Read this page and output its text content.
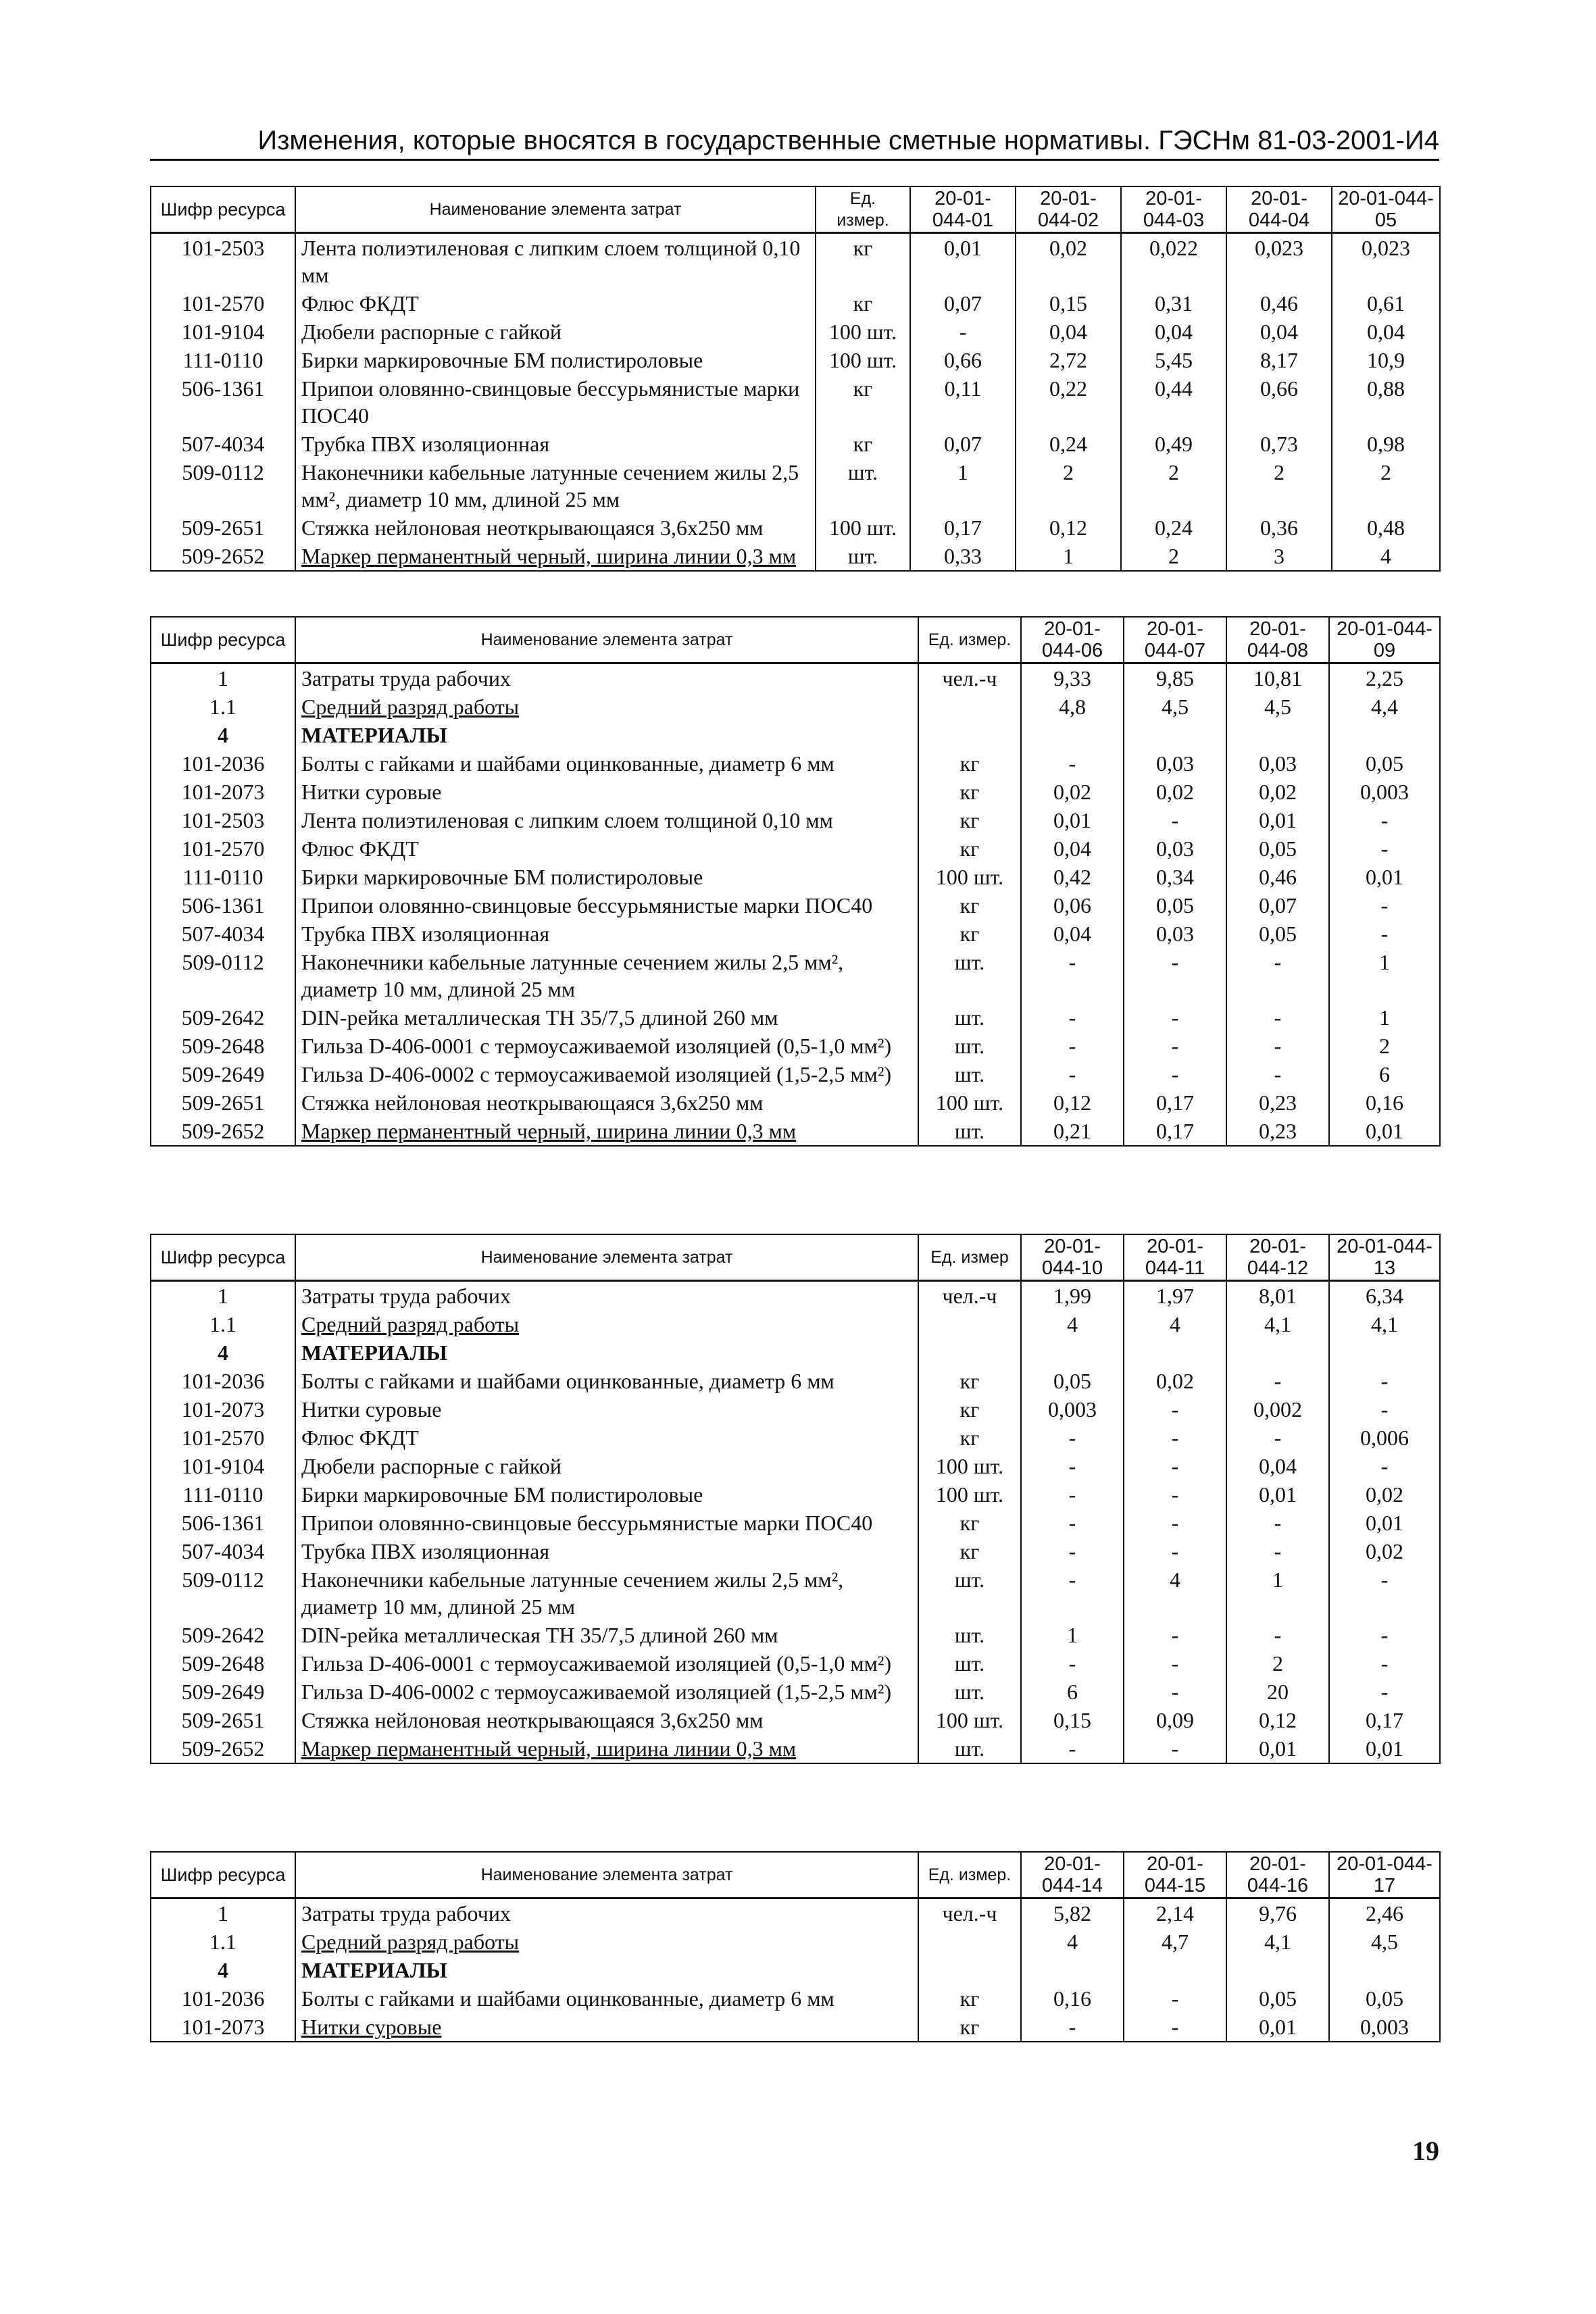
Изменения, которые вносятся в государственные сметные нормативы. ГЭСНм 81-03-2001-И4
Шифр ресурса	Наименование элемента затрат	Ед. измер.	20-01-044-01	20-01-044-02	20-01-044-03	20-01-044-04	20-01-044-05
101-2503	Лента полиэтиленовая с липким слоем толщиной 0,10 мм	кг	0,01	0,02	0,022	0,023	0,023
101-2570	Флюс ФКДТ	кг	0,07	0,15	0,31	0,46	0,61
101-9104	Дюбели распорные с гайкой	100 шт.	-	0,04	0,04	0,04	0,04
111-0110	Бирки маркировочные БМ полистироловые	100 шт.	0,66	2,72	5,45	8,17	10,9
506-1361	Припои оловянно-свинцовые бессурьмянистые марки ПОС40	кг	0,11	0,22	0,44	0,66	0,88
507-4034	Трубка ПВХ изоляционная	кг	0,07	0,24	0,49	0,73	0,98
509-0112	Наконечники кабельные латунные сечением жилы 2,5 мм², диаметр 10 мм, длиной 25 мм	шт.	1	2	2	2	2
509-2651	Стяжка нейлоновая неоткрывающаяся 3,6х250 мм	100 шт.	0,17	0,12	0,24	0,36	0,48
509-2652	Маркер перманентный черный, ширина линии 0,3 мм	шт.	0,33	1	2	3	4
Шифр ресурса	Наименование элемента затрат	Ед. измер.	20-01-044-06	20-01-044-07	20-01-044-08	20-01-044-09
1	Затраты труда рабочих	чел.-ч	9,33	9,85	10,81	2,25
1.1	Средний разряд работы		4,8	4,5	4,5	4,4
4	МАТЕРИАЛЫ					
101-2036	Болты с гайками и шайбами оцинкованные, диаметр 6 мм	кг	-	0,03	0,03	0,05
101-2073	Нитки суровые	кг	0,02	0,02	0,02	0,003
101-2503	Лента полиэтиленовая с липким слоем толщиной 0,10 мм	кг	0,01	-	0,01	-
101-2570	Флюс ФКДТ	кг	0,04	0,03	0,05	-
111-0110	Бирки маркировочные БМ полистироловые	100 шт.	0,42	0,34	0,46	0,01
506-1361	Припои оловянно-свинцовые бессурьмянистые марки ПОС40	кг	0,06	0,05	0,07	-
507-4034	Трубка ПВХ изоляционная	кг	0,04	0,03	0,05	-
509-0112	Наконечники кабельные латунные сечением жилы 2,5 мм², диаметр 10 мм, длиной 25 мм	шт.	-	-	-	1
509-2642	DIN-рейка металлическая ТН 35/7,5 длиной 260 мм	шт.	-	-	-	1
509-2648	Гильза D-406-0001 с термоусаживаемой изоляцией (0,5-1,0 мм²)	шт.	-	-	-	2
509-2649	Гильза D-406-0002 с термоусаживаемой изоляцией (1,5-2,5 мм²)	шт.	-	-	-	6
509-2651	Стяжка нейлоновая неоткрывающаяся 3,6х250 мм	100 шт.	0,12	0,17	0,23	0,16
509-2652	Маркер перманентный черный, ширина линии 0,3 мм	шт.	0,21	0,17	0,23	0,01
Шифр ресурса	Наименование элемента затрат	Ед. измер	20-01-044-10	20-01-044-11	20-01-044-12	20-01-044-13
1	Затраты труда рабочих	чел.-ч	1,99	1,97	8,01	6,34
1.1	Средний разряд работы		4	4	4,1	4,1
4	МАТЕРИАЛЫ					
101-2036	Болты с гайками и шайбами оцинкованные, диаметр 6 мм	кг	0,05	0,02	-	-
101-2073	Нитки суровые	кг	0,003	-	0,002	-
101-2570	Флюс ФКДТ	кг	-	-	-	0,006
101-9104	Дюбели распорные с гайкой	100 шт.	-	-	0,04	-
111-0110	Бирки маркировочные БМ полистироловые	100 шт.	-	-	0,01	0,02
506-1361	Припои оловянно-свинцовые бессурьмянистые марки ПОС40	кг	-	-	-	0,01
507-4034	Трубка ПВХ изоляционная	кг	-	-	-	0,02
509-0112	Наконечники кабельные латунные сечением жилы 2,5 мм², диаметр 10 мм, длиной 25 мм	шт.	-	4	1	-
509-2642	DIN-рейка металлическая ТН 35/7,5 длиной 260 мм	шт.	1	-	-	-
509-2648	Гильза D-406-0001 с термоусаживаемой изоляцией (0,5-1,0 мм²)	шт.	-	-	2	-
509-2649	Гильза D-406-0002 с термоусаживаемой изоляцией (1,5-2,5 мм²)	шт.	6	-	20	-
509-2651	Стяжка нейлоновая неоткрывающаяся 3,6х250 мм	100 шт.	0,15	0,09	0,12	0,17
509-2652	Маркер перманентный черный, ширина линии 0,3 мм	шт.	-	-	0,01	0,01
Шифр ресурса	Наименование элемента затрат	Ед. измер.	20-01-044-14	20-01-044-15	20-01-044-16	20-01-044-17
1	Затраты труда рабочих	чел.-ч	5,82	2,14	9,76	2,46
1.1	Средний разряд работы		4	4,7	4,1	4,5
4	МАТЕРИАЛЫ					
101-2036	Болты с гайками и шайбами оцинкованные, диаметр 6 мм	кг	0,16	-	0,05	0,05
101-2073	Нитки суровые	кг	-	-	0,01	0,003
19
